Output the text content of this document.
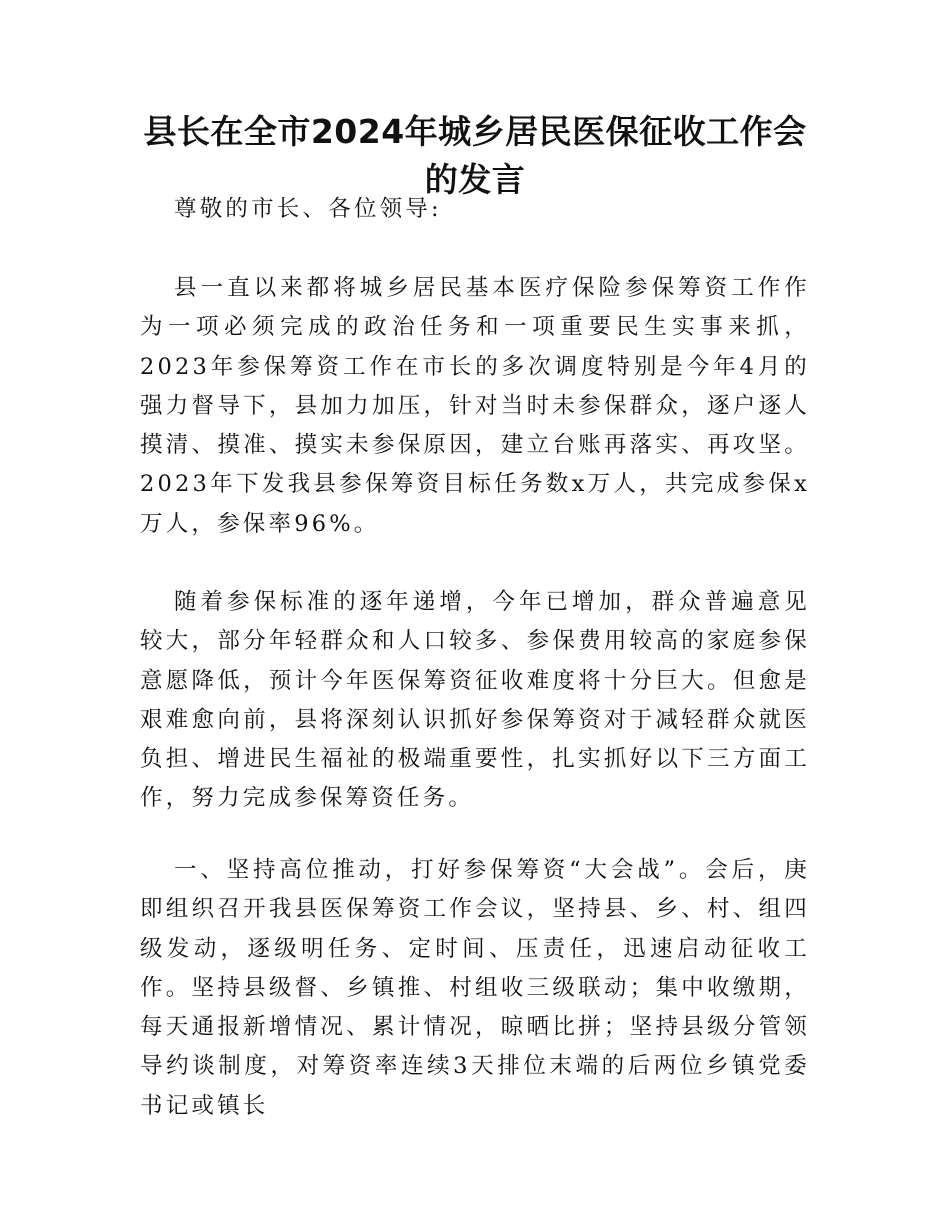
县长在全市2024年城乡居民医保征收工作会的发言
尊敬的市长、各位领导:
县一直以来都将城乡居民基本医疗保险参保筹资工作作为一项必须完成的政治任务和一项重要民生实事来抓，2023年参保筹资工作在市长的多次调度特别是今年4月的强力督导下，县加力加压，针对当时未参保群众，逐户逐人摸清、摸准、摸实未参保原因，建立台账再落实、再攻坚。2023年下发我县参保筹资目标任务数x万人，共完成参保x万人，参保率96%。
随着参保标准的逐年递增，今年已增加，群众普遍意见较大，部分年轻群众和人口较多、参保费用较高的家庭参保意愿降低，预计今年医保筹资征收难度将十分巨大。但愈是艰难愈向前，县将深刻认识抓好参保筹资对于减轻群众就医负担、增进民生福祉的极端重要性，扎实抓好以下三方面工作，努力完成参保筹资任务。
一、坚持高位推动，打好参保筹资“大会战”。会后，庚即组织召开我县医保筹资工作会议，坚持县、乡、村、组四级发动，逐级明任务、定时间、压责任，迅速启动征收工作。坚持县级督、乡镇推、村组收三级联动；集中收缴期，每天通报新增情况、累计情况，晾晒比拼；坚持县级分管领导约谈制度，对筹资率连续3天排位末端的后两位乡镇党委书记或镇长
